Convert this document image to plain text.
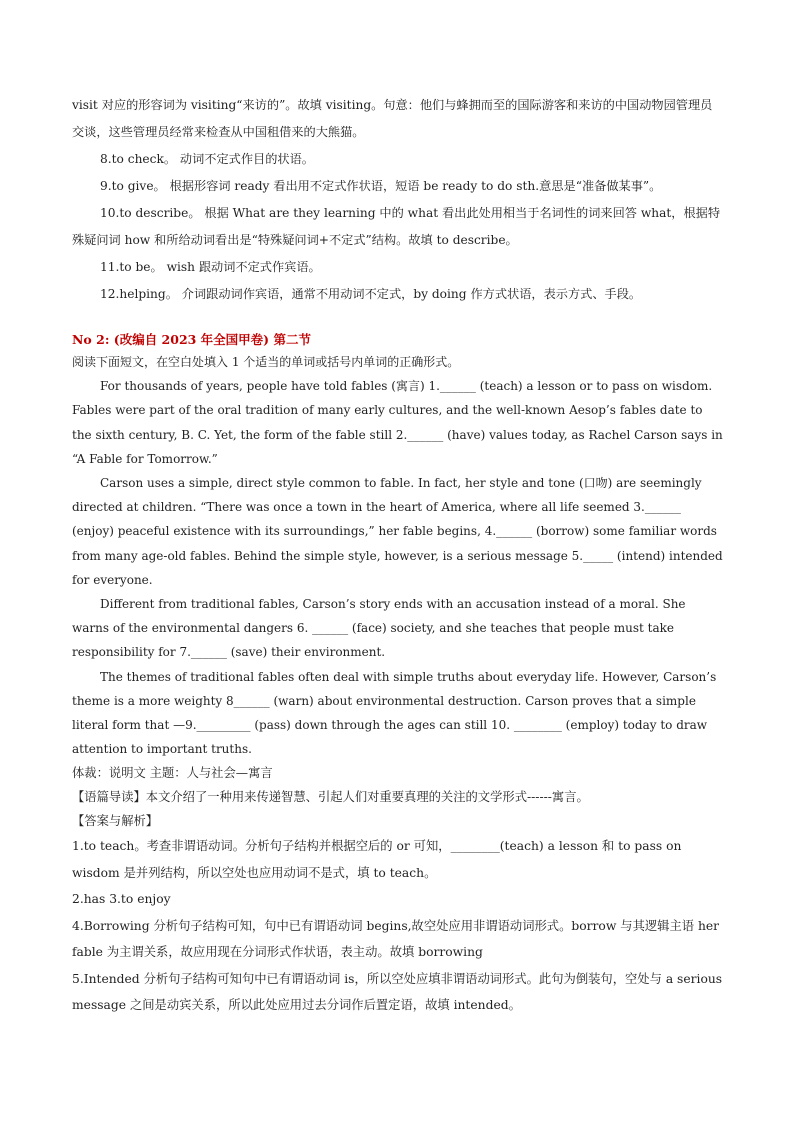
visit 对应的形容词为 visiting“来访的”。故填 visiting。句意：他们与蜂拥而至的国际游客和来访的中国动物园管理员交谈，这些管理员经常来检查从中国租借来的大熊猫。

8.to check。 动词不定式作目的状语。

9.to give。 根据形容词 ready 看出用不定式作状语，短语 be ready to do sth.意思是“准备做某事”。

10.to describe。 根据 What are they learning 中的 what 看出此处用相当于名词性的词来回答 what，根据特殊疑问词 how 和所给动词看出是“特殊疑问词+不定式”结构。故填 to describe。

11.to be。 wish 跟动词不定式作宾语。

12.helping。 介词跟动词作宾语，通常不用动词不定式，by doing 作方式状语，表示方式、手段。

No 2: (改编自 2023 年全国甲卷) 第二节

阅读下面短文，在空白处填入 1 个适当的单词或括号内单词的正确形式。

For thousands of years, people have told fables (寓言) 1.______ (teach) a lesson or to pass on wisdom. Fables were part of the oral tradition of many early cultures, and the well-known Aesop’s fables date to the sixth century, B. C. Yet, the form of the fable still 2.______ (have) values today, as Rachel Carson says in “A Fable for Tomorrow.”

Carson uses a simple, direct style common to fable. In fact, her style and tone (口吻) are seemingly directed at children. “There was once a town in the heart of America, where all life seemed 3.______ (enjoy) peaceful existence with its surroundings,” her fable begins, 4.______ (borrow) some familiar words from many age-old fables. Behind the simple style, however, is a serious message 5._____ (intend) intended for everyone.

Different from traditional fables, Carson’s story ends with an accusation instead of a moral. She warns of the environmental dangers 6. ______ (face) society, and she teaches that people must take responsibility for 7.______ (save) their environment.

The themes of traditional fables often deal with simple truths about everyday life. However, Carson’s theme is a more weighty 8______ (warn) about environmental destruction. Carson proves that a simple literal form that —9._________ (pass) down through the ages can still 10. ________ (employ) today to draw attention to important truths.

体裁：说明文 主题：人与社会—寓言

【语篇导读】本文介绍了一种用来传递智慧、引起人们对重要真理的关注的文学形式------寓言。

【答案与解析】

1.to teach。考查非谓语动词。分析句子结构并根据空后的 or 可知，________(teach) a lesson 和 to pass on wisdom 是并列结构，所以空处也应用动词不是式，填 to teach。

2.has 3.to enjoy

4.Borrowing 分析句子结构可知，句中已有谓语动词 begins,故空处应用非谓语动词形式。borrow 与其逻辑主语 her fable 为主谓关系，故应用现在分词形式作状语，表主动。故填 borrowing

5.Intended 分析句子结构可知句中已有谓语动词 is，所以空处应填非谓语动词形式。此句为倒装句，空处与 a serious message 之间是动宾关系，所以此处应用过去分词作后置定语，故填 intended。
